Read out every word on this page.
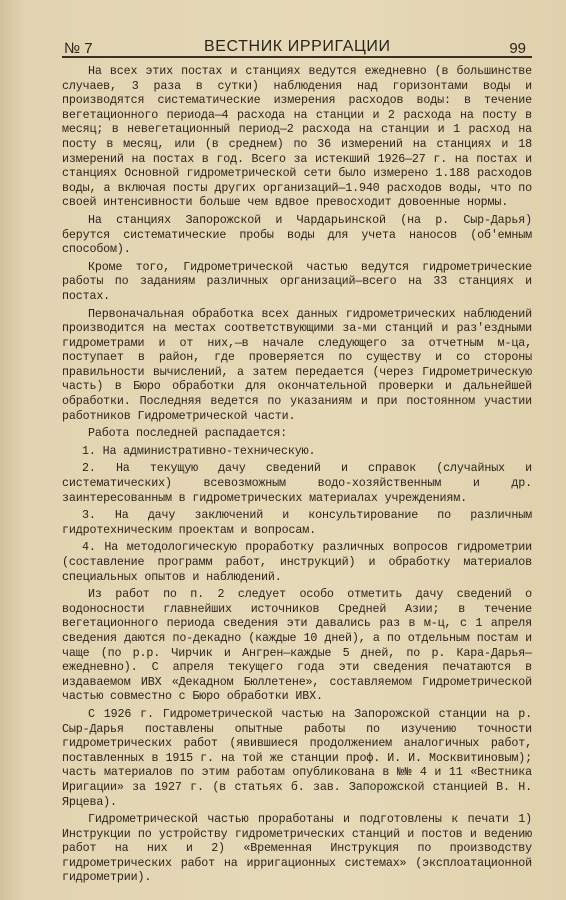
№ 7	ВЕСТНИК ИРРИГАЦИИ	99

На всех этих постах и станциях ведутся ежедневно (в большинстве случаев, 3 раза в сутки) наблюдения над горизонтами воды и производятся систематические измерения расходов воды: в течение вегетационного периода—4 расхода на станции и 2 расхода на посту в месяц; в невегетационный период—2 расхода на станции и 1 расход на посту в месяц, или (в среднем) по 36 измерений на станциях и 18 измерений на постах в год. Всего за истекший 1926—27 г. на постах и станциях Основной гидрометрической сети было измерено 1.188 расходов воды, а включая посты других организаций—1.940 расходов воды, что по своей интенсивности больше чем вдвое превосходит довоенные нормы.

На станциях Запорожской и Чардарьинской (на р. Сыр-Дарья) берутся систематические пробы воды для учета наносов (об'емным способом).

Кроме того, Гидрометрической частью ведутся гидрометрические работы по заданиям различных организаций—всего на 33 станциях и постах.

Первоначальная обработка всех данных гидрометрических наблюдений производится на местах соответствующими за-ми станций и раз'ездными гидрометрами и от них,—в начале следующего за отчетным м-ца, поступает в район, где проверяется по существу и со стороны правильности вычислений, а затем передается (через Гидрометрическую часть) в Бюро обработки для окончательной проверки и дальнейшей обработки. Последняя ведется по указаниям и при постоянном участии работников Гидрометрической части.

Работа последней распадается:

1. На административно-техническую.

2. На текущую дачу сведений и справок (случайных и систематических) всевозможным водо-хозяйственным и др. заинтересованным в гидрометрических материалах учреждениям.

3. На дачу заключений и консультирование по различным гидротехническим проектам и вопросам.

4. На методологическую проработку различных вопросов гидрометрии (составление программ работ, инструкций) и обработку материалов специальных опытов и наблюдений.

Из работ по п. 2 следует особо отметить дачу сведений о водоносности главнейших источников Средней Азии; в течение вегетационного периода сведения эти давались раз в м-ц, с 1 апреля сведения даются по-декадно (каждые 10 дней), а по отдельным постам и чаще (по р.р. Чирчик и Ангрен—каждые 5 дней, по р. Кара-Дарья—ежедневно). С апреля текущего года эти сведения печатаются в издаваемом ИВХ «Декадном Бюллетене», составляемом Гидрометрической частью совместно с Бюро обработки ИВХ.

С 1926 г. Гидрометрической частью на Запорожской станции на р. Сыр-Дарья поставлены опытные работы по изучению точности гидрометрических работ (явившиеся продолжением аналогичных работ, поставленных в 1915 г. на той же станции проф. И. И. Москвитиновым); часть материалов по этим работам опубликована в №№ 4 и 11 «Вестника Иригации» за 1927 г. (в статьях б. зав. Запорожской станцией В. Н. Ярцева).

Гидрометрической частью проработаны и подготовлены к печати 1) Инструкции по устройству гидрометрических станций и постов и ведению работ на них и 2) «Временная Инструкция по производству гидрометрических работ на ирригационных системах» (эксплоатационной гидрометрии).
